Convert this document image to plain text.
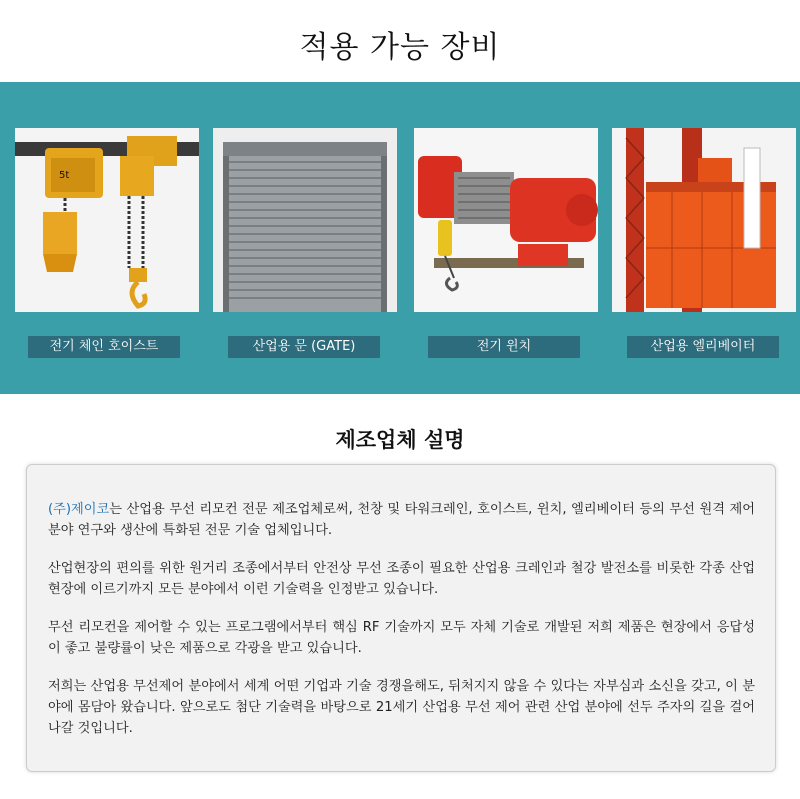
적용 가능 장비
5t
전기 체인 호이스트	산업용 문 (GATE)	전기 윈치	산업용 엘리베이터
제조업체 설명

(주)제이코는 산업용 무선 리모컨 전문 제조업체로써, 천창 및 타워크레인, 호이스트, 윈치, 엘리베이터 등의 무선 원격 제어 분야 연구와 생산에 특화된 전문 기술 업체입니다.

산업현장의 편의를 위한 원거리 조종에서부터 안전상 무선 조종이 필요한 산업용 크레인과 철강 발전소를 비롯한 각종 산업현장에 이르기까지 모든 분야에서 이런 기술력을 인정받고 있습니다.

무선 리모컨을 제어할 수 있는 프로그램에서부터 핵심 RF 기술까지 모두 자체 기술로 개발된 저희 제품은 현장에서 응답성이 좋고 불량률이 낮은 제품으로 각광을 받고 있습니다.

저희는 산업용 무선제어 분야에서 세계 어떤 기업과 기술 경쟁을해도, 뒤처지지 않을 수 있다는 자부심과 소신을 갖고, 이 분야에 몸담아 왔습니다. 앞으로도 첨단 기술력을 바탕으로 21세기 산업용 무선 제어 관련 산업 분야에 선두 주자의 길을 걸어 나갈 것입니다.
